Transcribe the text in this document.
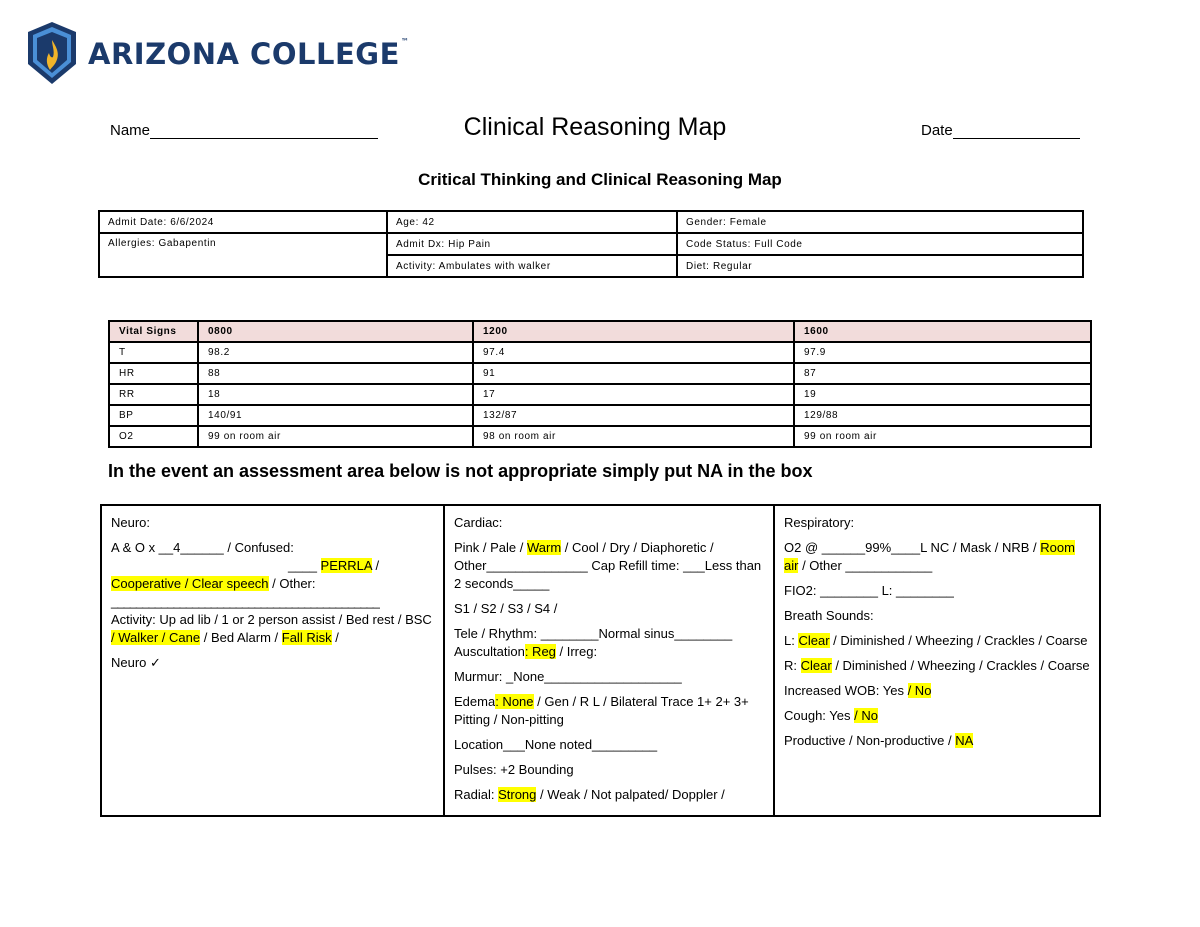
ARIZONA COLLEGE™
Name	Clinical Reasoning Map	Date
Critical Thinking and Clinical Reasoning Map
Admit Date: 6/6/2024	Age: 42	Gender: Female
Allergies: Gabapentin	Admit Dx: Hip Pain	Code Status: Full Code
	Activity: Ambulates with walker	Diet: Regular
Vital Signs	0800	1200	1600
T	98.2	97.4	97.9
HR	88	91	87
RR	18	17	19
BP	140/91	132/87	129/88
O2	99 on room air	98 on room air	99 on room air
In the event an assessment area below is not appropriate simply put NA in the box

Neuro:

A & O x __4______ / Confused:
____ PERRLA /
Cooperative / Clear speech / Other:
___________________________________________
Activity: Up ad lib / 1 or 2 person assist / Bed rest / BSC / Walker / Cane / Bed Alarm / Fall Risk /

Neuro ✓

Cardiac:

Pink / Pale / Warm / Cool / Dry / Diaphoretic / Other______________ Cap Refill time: ___Less than 2 seconds_____

S1 / S2 / S3 / S4 /

Tele / Rhythm: ________Normal sinus________

Auscultation: Reg / Irreg:

Murmur: _None___________________

Edema: None / Gen / R L / Bilateral Trace 1+ 2+ 3+ Pitting / Non-pitting

Location___None noted_________

Pulses: +2 Bounding

Radial: Strong / Weak / Not palpated/ Doppler /

Respiratory:

O2 @ ______99%____L NC / Mask / NRB / Room air / Other ____________

FIO2: ________ L: ________

Breath Sounds:

L: Clear / Diminished / Wheezing / Crackles / Coarse

R: Clear / Diminished / Wheezing / Crackles / Coarse

Increased WOB: Yes / No

Cough: Yes / No

Productive / Non-productive / NA
